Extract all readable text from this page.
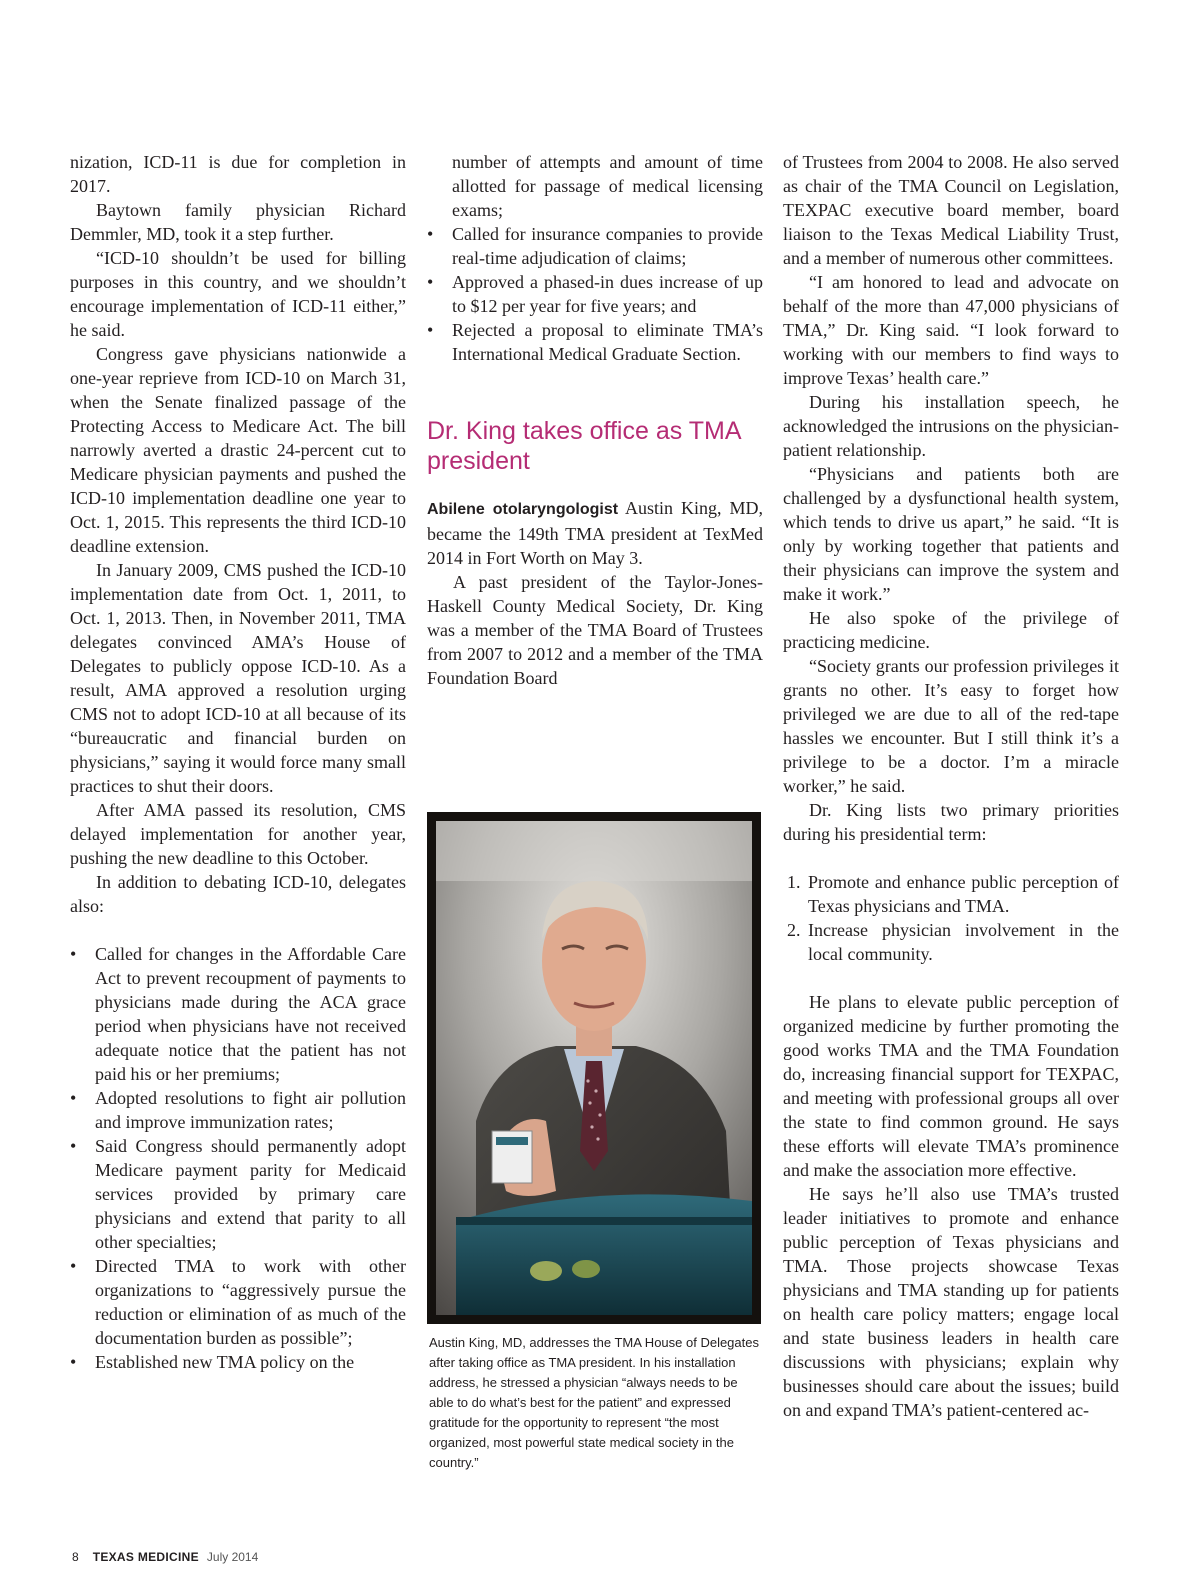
nization, ICD-11 is due for completion in 2017.

Baytown family physician Richard Demmler, MD, took it a step further.

“ICD-10 shouldn’t be used for billing purposes in this country, and we shouldn’t encourage implementation of ICD-11 either,” he said.

Congress gave physicians nationwide a one-year reprieve from ICD-10 on March 31, when the Senate finalized passage of the Protecting Access to Medicare Act. The bill narrowly averted a drastic 24-percent cut to Medicare physician payments and pushed the ICD-10 implementation deadline one year to Oct. 1, 2015. This represents the third ICD-10 deadline extension.

In January 2009, CMS pushed the ICD-10 implementation date from Oct. 1, 2011, to Oct. 1, 2013. Then, in November 2011, TMA delegates convinced AMA’s House of Delegates to publicly oppose ICD-10. As a result, AMA approved a resolution urging CMS not to adopt ICD-10 at all because of its “bureaucratic and financial burden on physicians,” saying it would force many small practices to shut their doors.

After AMA passed its resolution, CMS delayed implementation for another year, pushing the new deadline to this October.

In addition to debating ICD-10, delegates also:

• Called for changes in the Affordable Care Act to prevent recoupment of payments to physicians made during the ACA grace period when physicians have not received adequate notice that the patient has not paid his or her premiums;
• Adopted resolutions to fight air pollution and improve immunization rates;
• Said Congress should permanently adopt Medicare payment parity for Medicaid services provided by primary care physicians and extend that parity to all other specialties;
• Directed TMA to work with other organizations to “aggressively pursue the reduction or elimination of as much of the documentation burden as possible”;
• Established new TMA policy on the
number of attempts and amount of time allotted for passage of medical licensing exams;
• Called for insurance companies to provide real-time adjudication of claims;
• Approved a phased-in dues increase of up to $12 per year for five years; and
• Rejected a proposal to eliminate TMA’s International Medical Graduate Section.
Dr. King takes office as TMA president

Abilene otolaryngologist Austin King, MD, became the 149th TMA president at TexMed 2014 in Fort Worth on May 3.

A past president of the Taylor-Jones-Haskell County Medical Society, Dr. King was a member of the TMA Board of Trustees from 2007 to 2012 and a member of the TMA Foundation Board

Austin King, MD, addresses the TMA House of Delegates after taking office as TMA president. In his installation address, he stressed a physician “always needs to be able to do what’s best for the patient” and expressed gratitude for the opportunity to represent “the most organized, most powerful state medical society in the country.”

of Trustees from 2004 to 2008. He also served as chair of the TMA Council on Legislation, TEXPAC executive board member, board liaison to the Texas Medical Liability Trust, and a member of numerous other committees.

“I am honored to lead and advocate on behalf of the more than 47,000 physicians of TMA,” Dr. King said. “I look forward to working with our members to find ways to improve Texas’ health care.”

During his installation speech, he acknowledged the intrusions on the physician-patient relationship.

“Physicians and patients both are challenged by a dysfunctional health system, which tends to drive us apart,” he said. “It is only by working together that patients and their physicians can improve the system and make it work.”

He also spoke of the privilege of practicing medicine.

“Society grants our profession privileges it grants no other. It’s easy to forget how privileged we are due to all of the red-tape hassles we encounter. But I still think it’s a privilege to be a doctor. I’m a miracle worker,” he said.

Dr. King lists two primary priorities during his presidential term:

1. Promote and enhance public perception of Texas physicians and TMA.
2. Increase physician involvement in the local community.

He plans to elevate public perception of organized medicine by further promoting the good works TMA and the TMA Foundation do, increasing financial support for TEXPAC, and meeting with professional groups all over the state to find common ground. He says these efforts will elevate TMA’s prominence and make the association more effective.

He says he’ll also use TMA’s trusted leader initiatives to promote and enhance public perception of Texas physicians and TMA. Those projects showcase Texas physicians and TMA standing up for patients on health care policy matters; engage local and state business leaders in health care discussions with physicians; explain why businesses should care about the issues; build on and expand TMA’s patient-centered ac-

8 TEXAS MEDICINE July 2014
